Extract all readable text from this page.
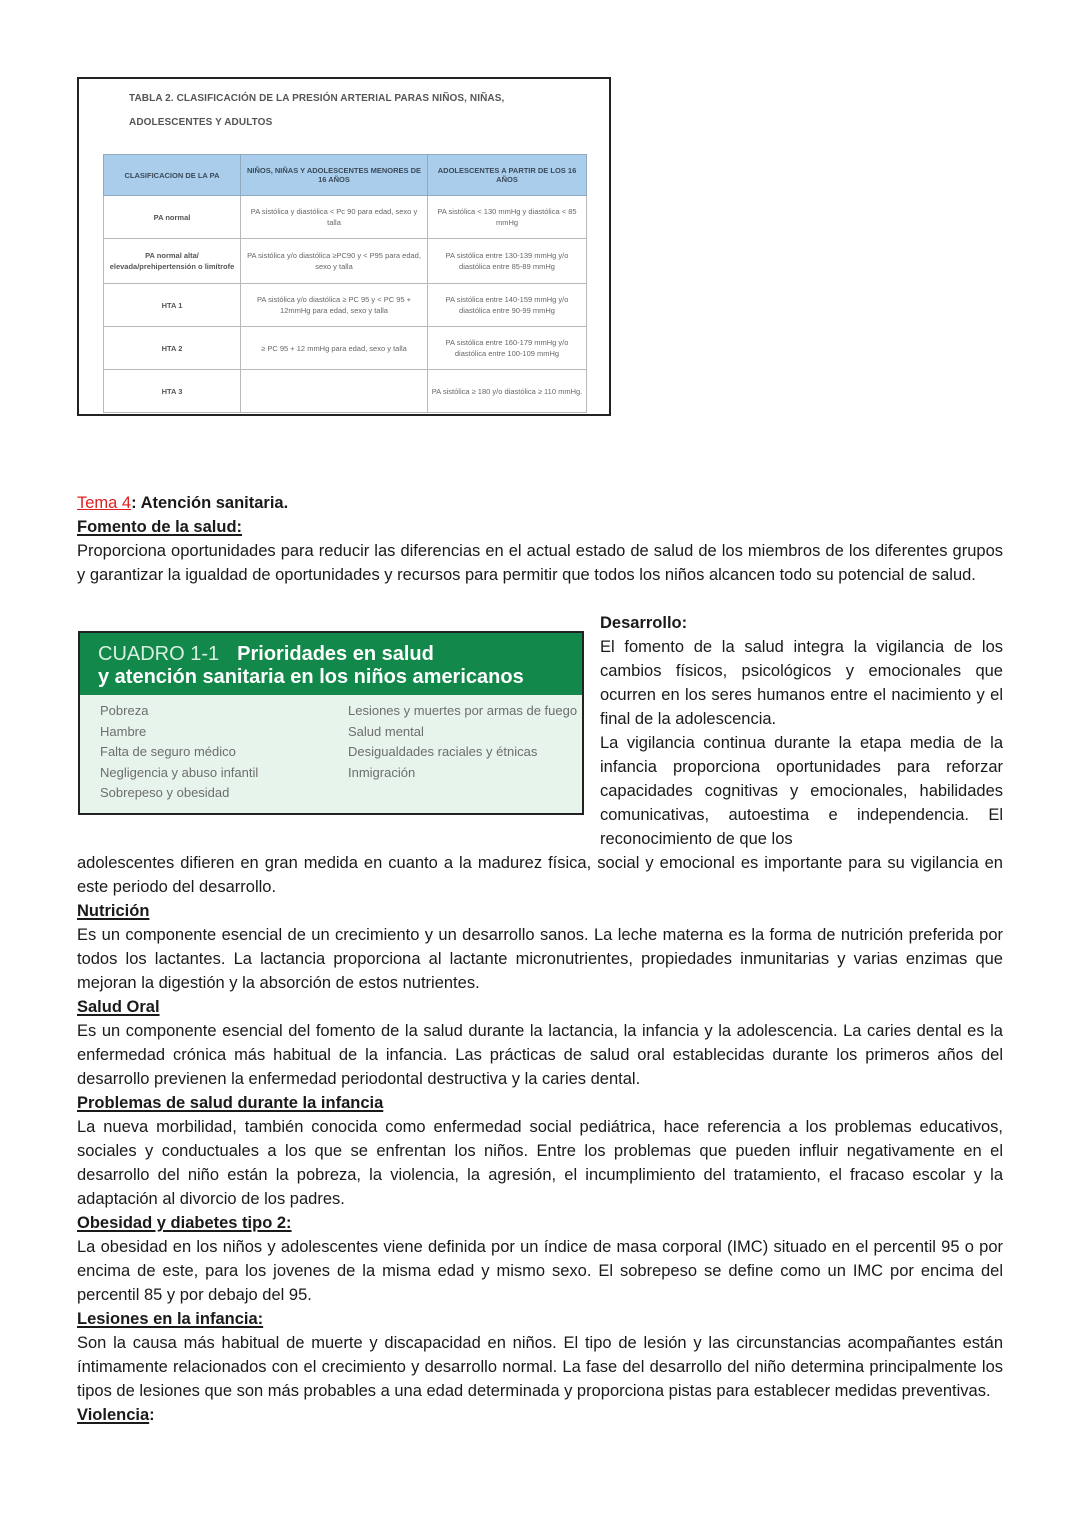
TABLA 2. CLASIFICACIÓN DE LA PRESIÓN ARTERIAL PARAS NIÑOS, NIÑAS,
ADOLESCENTES Y ADULTOS
CLASIFICACION DE LA PA	NIÑOS, NIÑAS Y ADOLESCENTES MENORES DE 16 AÑOS	ADOLESCENTES A PARTIR DE LOS 16 AÑOS
PA normal	PA sistólica y diastólica < Pc 90 para edad, sexo y talla	PA sistólica < 130 mmHg y diastólica < 85 mmHg
PA normal alta/ elevada/prehipertensión o limítrofe	PA sistólica y/o diastólica ≥PC90 y < P95 para edad, sexo y talla	PA sistólica entre 130-139 mmHg y/o diastólica entre 85-89 mmHg
HTA 1	PA sistólica y/o diastólica ≥ PC 95 y < PC 95 + 12mmHg para edad, sexo y talla	PA sistólica entre 140-159 mmHg y/o diastólica entre 90-99 mmHg
HTA 2	≥ PC 95 + 12 mmHg para edad, sexo y talla	PA sistólica entre 160-179 mmHg y/o diastólica entre 100-109 mmHg
HTA 3		PA sistólica ≥ 180 y/o diastólica ≥ 110 mmHg.

Tema 4: Atención sanitaria.

Fomento de la salud:

Proporciona oportunidades para reducir las diferencias en el actual estado de salud de los miembros de los diferentes grupos y garantizar la igualdad de oportunidades y recursos para permitir que todos los niños alcancen todo su potencial de salud.

CUADRO 1-1 Prioridades en salud
y atención sanitaria en los niños americanos
Pobreza
Hambre
Falta de seguro médico
Negligencia y abuso infantil
Sobrepeso y obesidad
Lesiones y muertes por armas de fuego
Salud mental
Desigualdades raciales y étnicas
Inmigración

Desarrollo:

El fomento de la salud integra la vigilancia de los cambios físicos, psicológicos y emocionales que ocurren en los seres humanos entre el nacimiento y el final de la adolescencia.

La vigilancia continua durante la etapa media de la infancia proporciona oportunidades para reforzar capacidades cognitivas y emocionales, habilidades comunicativas, autoestima e independencia. El reconocimiento de que los

adolescentes difieren en gran medida en cuanto a la madurez física, social y emocional es importante para su vigilancia en este periodo del desarrollo.

Nutrición

Es un componente esencial de un crecimiento y un desarrollo sanos. La leche materna es la forma de nutrición preferida por todos los lactantes. La lactancia proporciona al lactante micronutrientes, propiedades inmunitarias y varias enzimas que mejoran la digestión y la absorción de estos nutrientes.

Salud Oral

Es un componente esencial del fomento de la salud durante la lactancia, la infancia y la adolescencia. La caries dental es la enfermedad crónica más habitual de la infancia. Las prácticas de salud oral establecidas durante los primeros años del desarrollo previenen la enfermedad periodontal destructiva y la caries dental.

Problemas de salud durante la infancia

La nueva morbilidad, también conocida como enfermedad social pediátrica, hace referencia a los problemas educativos, sociales y conductuales a los que se enfrentan los niños. Entre los problemas que pueden influir negativamente en el desarrollo del niño están la pobreza, la violencia, la agresión, el incumplimiento del tratamiento, el fracaso escolar y la adaptación al divorcio de los padres.

Obesidad y diabetes tipo 2:

La obesidad en los niños y adolescentes viene definida por un índice de masa corporal (IMC) situado en el percentil 95 o por encima de este, para los jovenes de la misma edad y mismo sexo. El sobrepeso se define como un IMC por encima del percentil 85 y por debajo del 95.

Lesiones en la infancia:

Son la causa más habitual de muerte y discapacidad en niños. El tipo de lesión y las circunstancias acompañantes están íntimamente relacionados con el crecimiento y desarrollo normal. La fase del desarrollo del niño determina principalmente los tipos de lesiones que son más probables a una edad determinada y proporciona pistas para establecer medidas preventivas.

Violencia:
